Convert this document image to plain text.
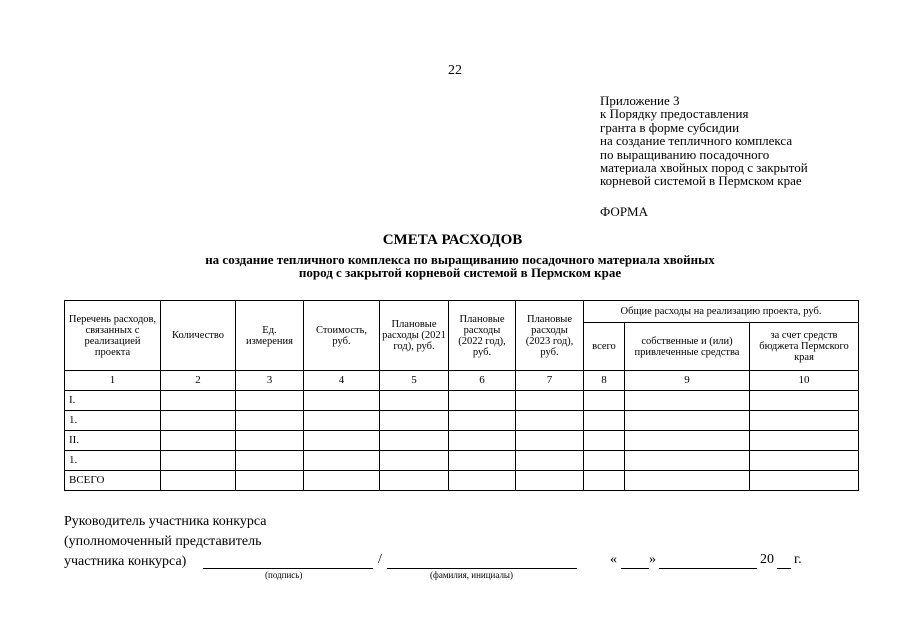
22
Приложение 3
к Порядку предоставления
гранта в форме субсидии
на создание тепличного комплекса
по выращиванию посадочного
материала хвойных пород с закрытой
корневой системой в Пермском крае
ФОРМА
СМЕТА РАСХОДОВ
на создание тепличного комплекса по выращиванию посадочного материала хвойных
пород с закрытой корневой системой в Пермском крае
Перечень расходов, связанных с реализацией проекта	Количество	Ед. измерения	Стоимость, руб.	Плановые расходы (2021 год), руб.	Плановые расходы (2022 год), руб.	Плановые расходы (2023 год), руб.	Общие расходы на реализацию проекта, руб.		
							всего	собственные и (или) привлеченные средства	за счет средств бюджета Пермского края
1	2	3	4	5	6	7	8	9	10
I.									
1.									
II.									
1.									
ВСЕГО									
Руководитель участника конкурса
(уполномоченный представитель
участника конкурса)	/
(подпись)	(фамилия, инициалы)
« »	20 г.
